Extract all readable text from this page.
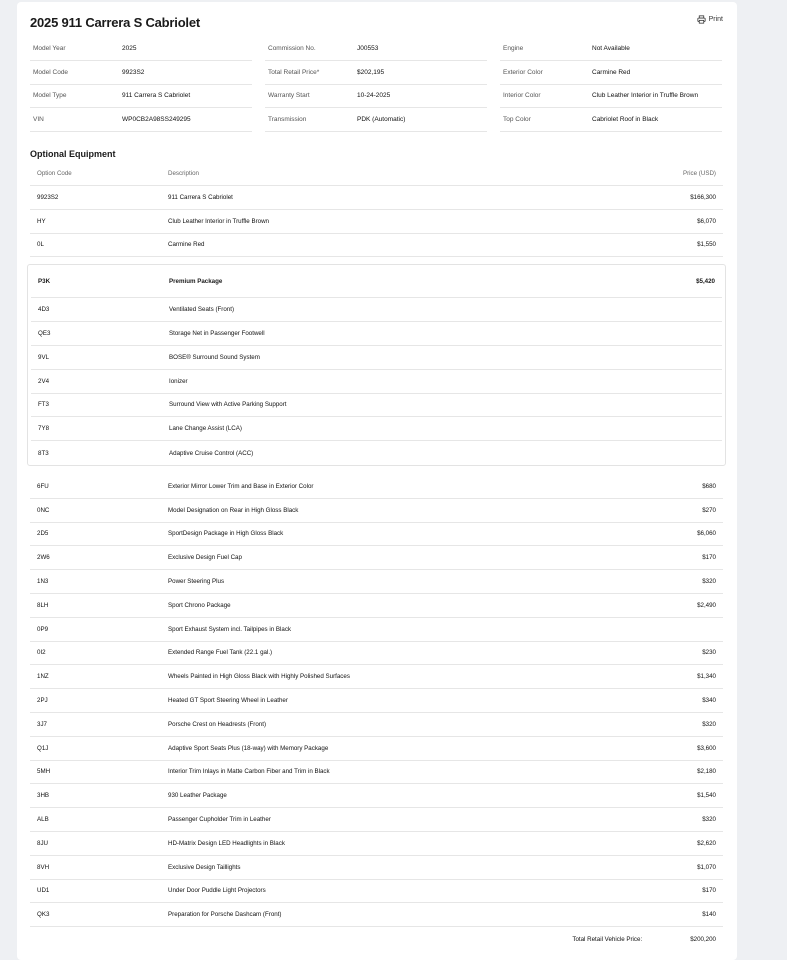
2025 911 Carrera S Cabriolet	Print
Model Year	2025
Model Code	9923S2
Model Type	911 Carrera S Cabriolet
VIN	WP0CB2A98SS249295
Commission No.	J00553
Total Retail Price*	$202,195
Warranty Start	10-24-2025
Transmission	PDK (Automatic)
Engine	Not Available
Exterior Color	Carmine Red
Interior Color	Club Leather Interior in Truffle Brown
Top Color	Cabriolet Roof in Black
Optional Equipment
Option Code	Description	Price (USD)
9923S2	911 Carrera S Cabriolet	$166,300
HY	Club Leather Interior in Truffle Brown	$6,070
0L	Carmine Red	$1,550
P3K	Premium Package	$5,420
4D3	Ventilated Seats (Front)
QE3	Storage Net in Passenger Footwell
9VL	BOSE® Surround Sound System
2V4	Ionizer
FT3	Surround View with Active Parking Support
7Y8	Lane Change Assist (LCA)
8T3	Adaptive Cruise Control (ACC)
6FU	Exterior Mirror Lower Trim and Base in Exterior Color	$680
0NC	Model Designation on Rear in High Gloss Black	$270
2D5	SportDesign Package in High Gloss Black	$6,060
2W6	Exclusive Design Fuel Cap	$170
1N3	Power Steering Plus	$320
8LH	Sport Chrono Package	$2,490
0P9	Sport Exhaust System incl. Tailpipes in Black
0I2	Extended Range Fuel Tank (22.1 gal.)	$230
1NZ	Wheels Painted in High Gloss Black with Highly Polished Surfaces	$1,340
2PJ	Heated GT Sport Steering Wheel in Leather	$340
3J7	Porsche Crest on Headrests (Front)	$320
Q1J	Adaptive Sport Seats Plus (18-way) with Memory Package	$3,600
5MH	Interior Trim Inlays in Matte Carbon Fiber and Trim in Black	$2,180
3HB	930 Leather Package	$1,540
ALB	Passenger Cupholder Trim in Leather	$320
8JU	HD-Matrix Design LED Headlights in Black	$2,620
8VH	Exclusive Design Taillights	$1,070
UD1	Under Door Puddle Light Projectors	$170
QK3	Preparation for Porsche Dashcam (Front)	$140
Total Retail Vehicle Price:	$200,200
